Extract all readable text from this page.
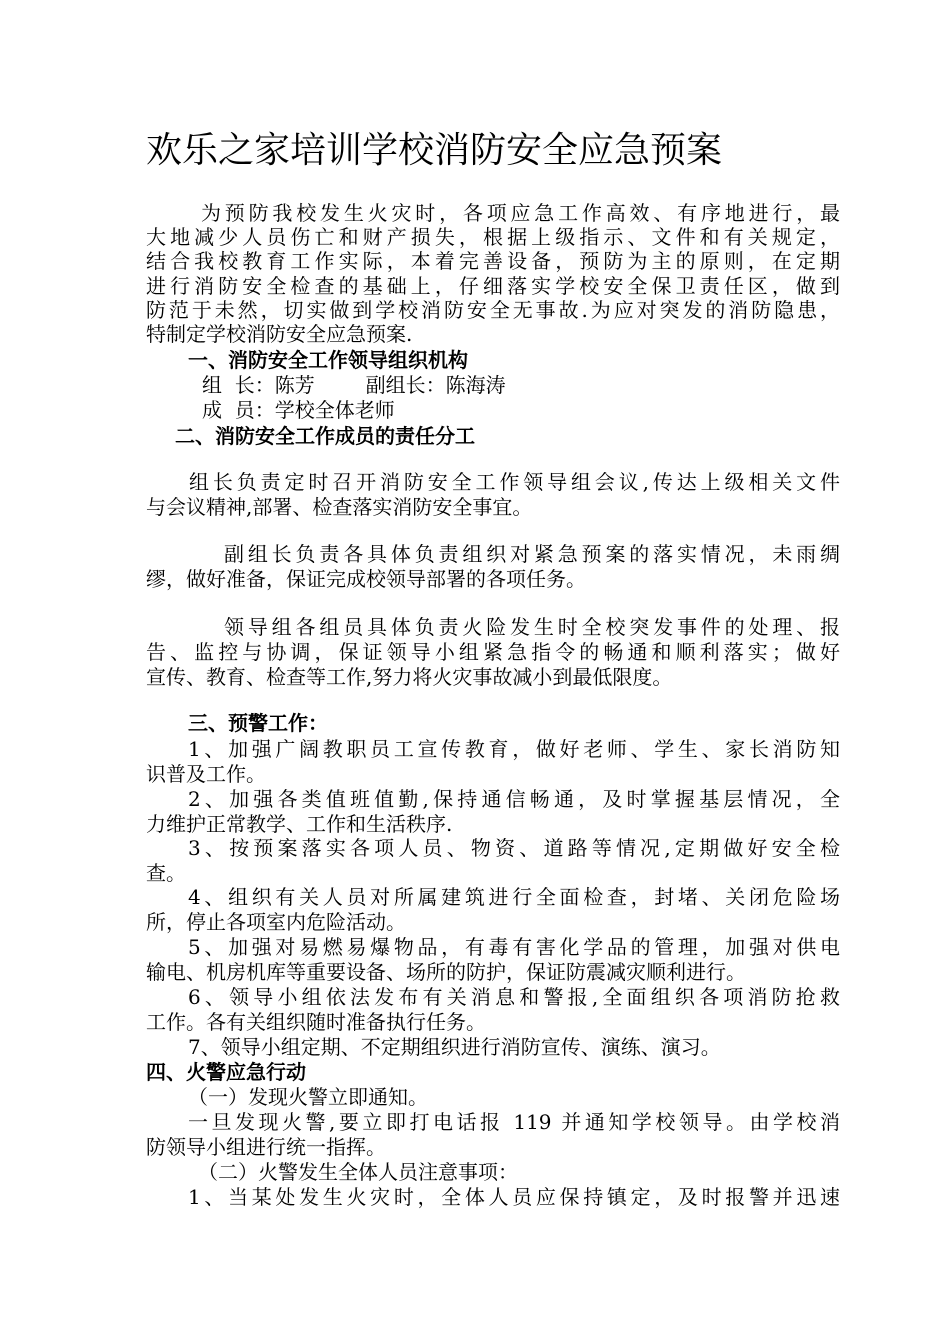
欢乐之家培训学校消防安全应急预案
为预防我校发生火灾时，各项应急工作高效、有序地进行，最
大地减少人员伤亡和财产损失，根据上级指示、文件和有关规定，
结合我校教育工作实际，本着完善设备，预防为主的原则，在定期
进行消防安全检查的基础上，仔细落实学校安全保卫责任区，做到
防范于未然，切实做到学校消防安全无事故.为应对突发的消防隐患，
特制定学校消防安全应急预案.
一、消防安全工作领导组织机构
组  长：陈芳        副组长：陈海涛
成  员：学校全体老师
二、消防安全工作成员的责任分工
组长负责定时召开消防安全工作领导组会议,传达上级相关文件
与会议精神,部署、检查落实消防安全事宜。
副组长负责各具体负责组织对紧急预案的落实情况，未雨绸
缪，做好准备，保证完成校领导部署的各项任务。
领导组各组员具体负责火险发生时全校突发事件的处理、报
告、监控与协调，保证领导小组紧急指令的畅通和顺利落实；做好
宣传、教育、检查等工作,努力将火灾事故减小到最低限度。
三、预警工作：
1、加强广阔教职员工宣传教育，做好老师、学生、家长消防知
识普及工作。
2、加强各类值班值勤,保持通信畅通，及时掌握基层情况，全
力维护正常教学、工作和生活秩序.
3、按预案落实各项人员、物资、道路等情况,定期做好安全检
查。
4、组织有关人员对所属建筑进行全面检查，封堵、关闭危险场
所，停止各项室内危险活动。
5、加强对易燃易爆物品，有毒有害化学品的管理，加强对供电
输电、机房机库等重要设备、场所的防护，保证防震减灾顺利进行。
6、领导小组依法发布有关消息和警报,全面组织各项消防抢救
工作。各有关组织随时准备执行任务。
7、领导小组定期、不定期组织进行消防宣传、演练、演习。
四、火警应急行动
（一）发现火警立即通知。
一旦发现火警,要立即打电话报 119 并通知学校领导。由学校消
防领导小组进行统一指挥。
（二）火警发生全体人员注意事项：
1、当某处发生火灾时，全体人员应保持镇定，及时报警并迅速
